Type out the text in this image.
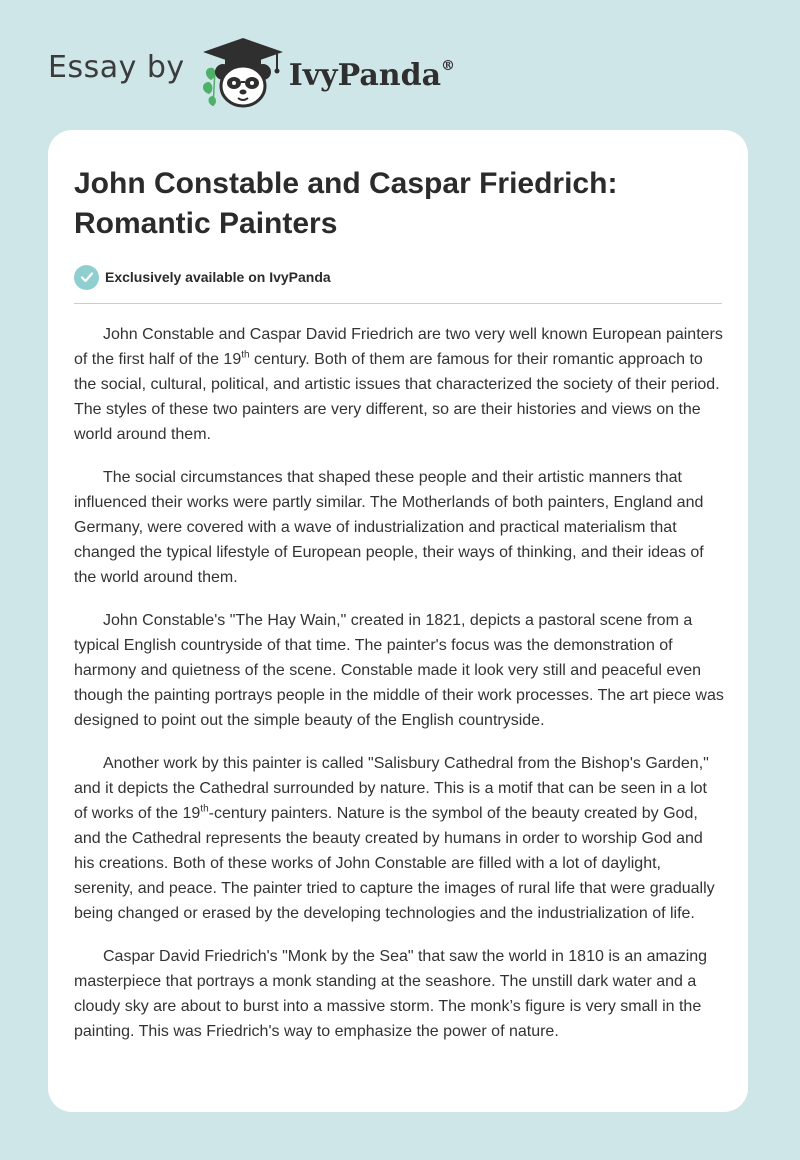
Essay by	IvyPanda®
John Constable and Caspar Friedrich: Romantic Painters
Exclusively available on IvyPanda

John Constable and Caspar David Friedrich are two very well known European painters of the first half of the 19th century. Both of them are famous for their romantic approach to the social, cultural, political, and artistic issues that characterized the society of their period. The styles of these two painters are very different, so are their histories and views on the world around them.

The social circumstances that shaped these people and their artistic manners that influenced their works were partly similar. The Motherlands of both painters, England and Germany, were covered with a wave of industrialization and practical materialism that changed the typical lifestyle of European people, their ways of thinking, and their ideas of the world around them.

John Constable's "The Hay Wain," created in 1821, depicts a pastoral scene from a typical English countryside of that time. The painter's focus was the demonstration of harmony and quietness of the scene. Constable made it look very still and peaceful even though the painting portrays people in the middle of their work processes. The art piece was designed to point out the simple beauty of the English countryside.

Another work by this painter is called "Salisbury Cathedral from the Bishop's Garden," and it depicts the Cathedral surrounded by nature. This is a motif that can be seen in a lot of works of the 19th-century painters. Nature is the symbol of the beauty created by God, and the Cathedral represents the beauty created by humans in order to worship God and his creations. Both of these works of John Constable are filled with a lot of daylight, serenity, and peace. The painter tried to capture the images of rural life that were gradually being changed or erased by the developing technologies and the industrialization of life.

Caspar David Friedrich's "Monk by the Sea" that saw the world in 1810 is an amazing masterpiece that portrays a monk standing at the seashore. The unstill dark water and a cloudy sky are about to burst into a massive storm. The monk’s figure is very small in the painting. This was Friedrich's way to emphasize the power of nature.
